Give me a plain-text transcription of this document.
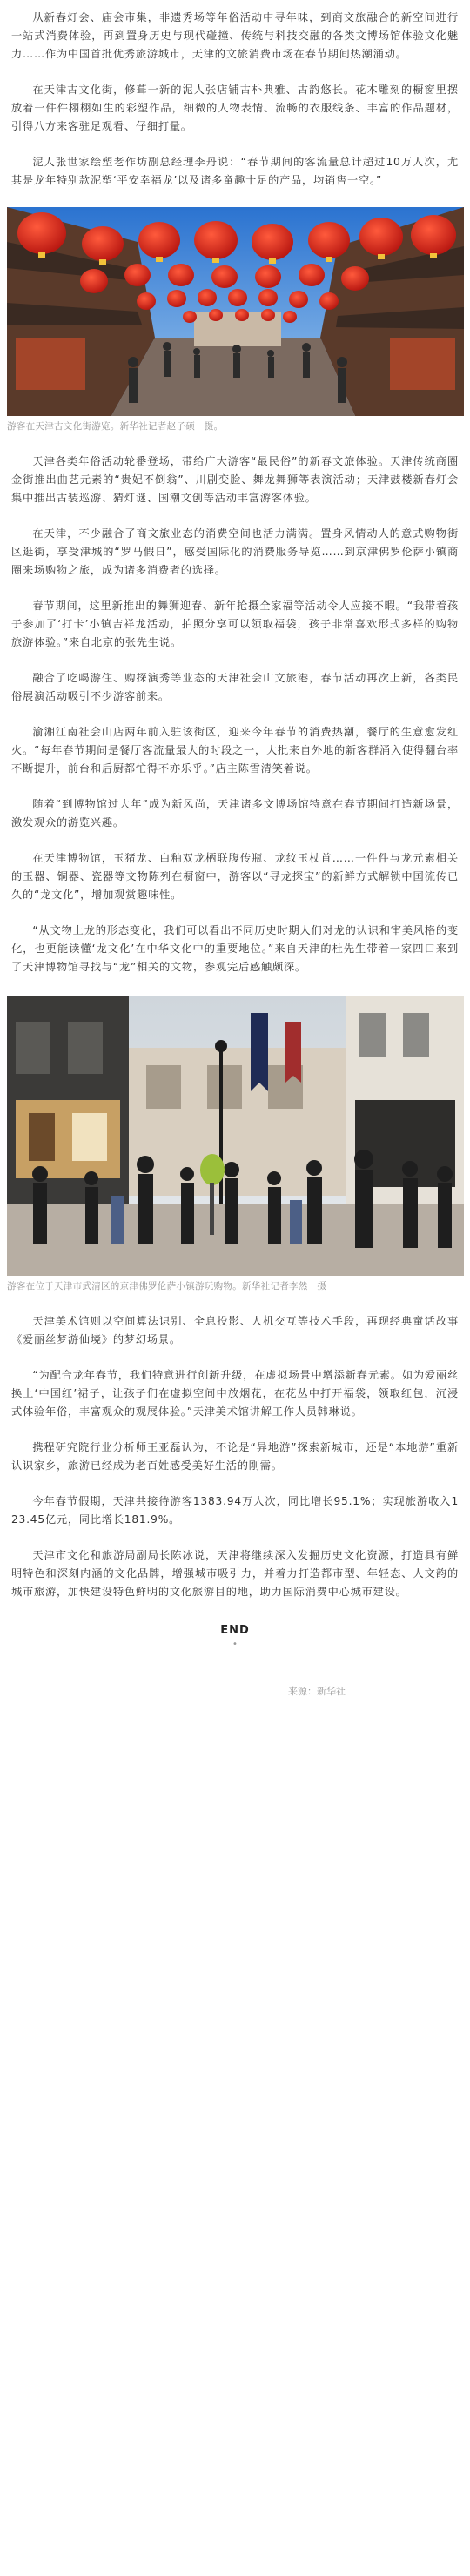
从新春灯会、庙会市集，非遗秀场等年俗活动中寻年味，到商文旅融合的新空间进行一站式消费体验，再到置身历史与现代碰撞、传统与科技交融的各类文博场馆体验文化魅力……作为中国首批优秀旅游城市，天津的文旅消费市场在春节期间热潮涌动。

在天津古文化街，修葺一新的泥人张店铺古朴典雅、古韵悠长。花木雕刻的橱窗里摆放着一件件栩栩如生的彩塑作品，细微的人物表情、流畅的衣服线条、丰富的作品题材，引得八方来客驻足观看、仔细打量。

泥人张世家绘塑老作坊副总经理李丹说：“春节期间的客流量总计超过10万人次，尤其是龙年特别款泥塑‘平安幸福龙’以及诸多童趣十足的产品，均销售一空。”

游客在天津古文化街游览。新华社记者赵子硕　摄。

天津各类年俗活动轮番登场，带给广大游客“最民俗”的新春文旅体验。天津传统商圈金街推出曲艺元素的“贵妃不倒翁”、川剧变脸、舞龙舞狮等表演活动；天津鼓楼新春灯会集中推出古装巡游、猜灯谜、国潮文创等活动丰富游客体验。

在天津，不少融合了商文旅业态的消费空间也活力满满。置身风情动人的意式购物街区逛街，享受津城的“罗马假日”，感受国际化的消费服务导览……到京津佛罗伦萨小镇商圈来场购物之旅，成为诸多消费者的选择。

春节期间，这里新推出的舞狮迎春、新年抢摄全家福等活动令人应接不暇。“我带着孩子参加了‘打卡’小镇吉祥龙活动，拍照分享可以领取福袋，孩子非常喜欢形式多样的购物旅游体验。”来自北京的张先生说。

融合了吃喝游住、购探演秀等业态的天津社会山文旅港，春节活动再次上新，各类民俗展演活动吸引不少游客前来。

渝湘江南社会山店两年前入驻该街区，迎来今年春节的消费热潮，餐厅的生意愈发红火。“每年春节期间是餐厅客流量最大的时段之一，大批来自外地的新客群涌入使得翻台率不断提升，前台和后厨都忙得不亦乐乎。”店主陈雪清笑着说。

随着“到博物馆过大年”成为新风尚，天津诸多文博场馆特意在春节期间打造新场景，激发观众的游览兴趣。

在天津博物馆，玉猪龙、白釉双龙柄联腹传瓶、龙纹玉杖首……一件件与龙元素相关的玉器、铜器、瓷器等文物陈列在橱窗中，游客以“寻龙探宝”的新鲜方式解锁中国流传已久的“龙文化”，增加观赏趣味性。

“从文物上龙的形态变化，我们可以看出不同历史时期人们对龙的认识和审美风格的变化，也更能读懂‘龙文化’在中华文化中的重要地位。”来自天津的杜先生带着一家四口来到了天津博物馆寻找与“龙”相关的文物，参观完后感触颇深。

游客在位于天津市武清区的京津佛罗伦萨小镇游玩购物。新华社记者李然　摄

天津美术馆则以空间算法识别、全息投影、人机交互等技术手段，再现经典童话故事《爱丽丝梦游仙境》的梦幻场景。

“为配合龙年春节，我们特意进行创新升级，在虚拟场景中增添新春元素。如为爱丽丝换上‘中国红’裙子，让孩子们在虚拟空间中放烟花，在花丛中打开福袋，领取红包，沉浸式体验年俗，丰富观众的观展体验。”天津美术馆讲解工作人员韩琳说。

携程研究院行业分析师王亚磊认为，不论是“异地游”探索新城市，还是“本地游”重新认识家乡，旅游已经成为老百姓感受美好生活的刚需。

今年春节假期，天津共接待游客1383.94万人次，同比增长95.1%；实现旅游收入123.45亿元，同比增长181.9%。

天津市文化和旅游局副局长陈冰说，天津将继续深入发掘历史文化资源，打造具有鲜明特色和深刻内涵的文化品牌，增强城市吸引力，并着力打造都市型、年轻态、人文韵的城市旅游，加快建设特色鲜明的文化旅游目的地，助力国际消费中心城市建设。

END
•
来源：新华社
